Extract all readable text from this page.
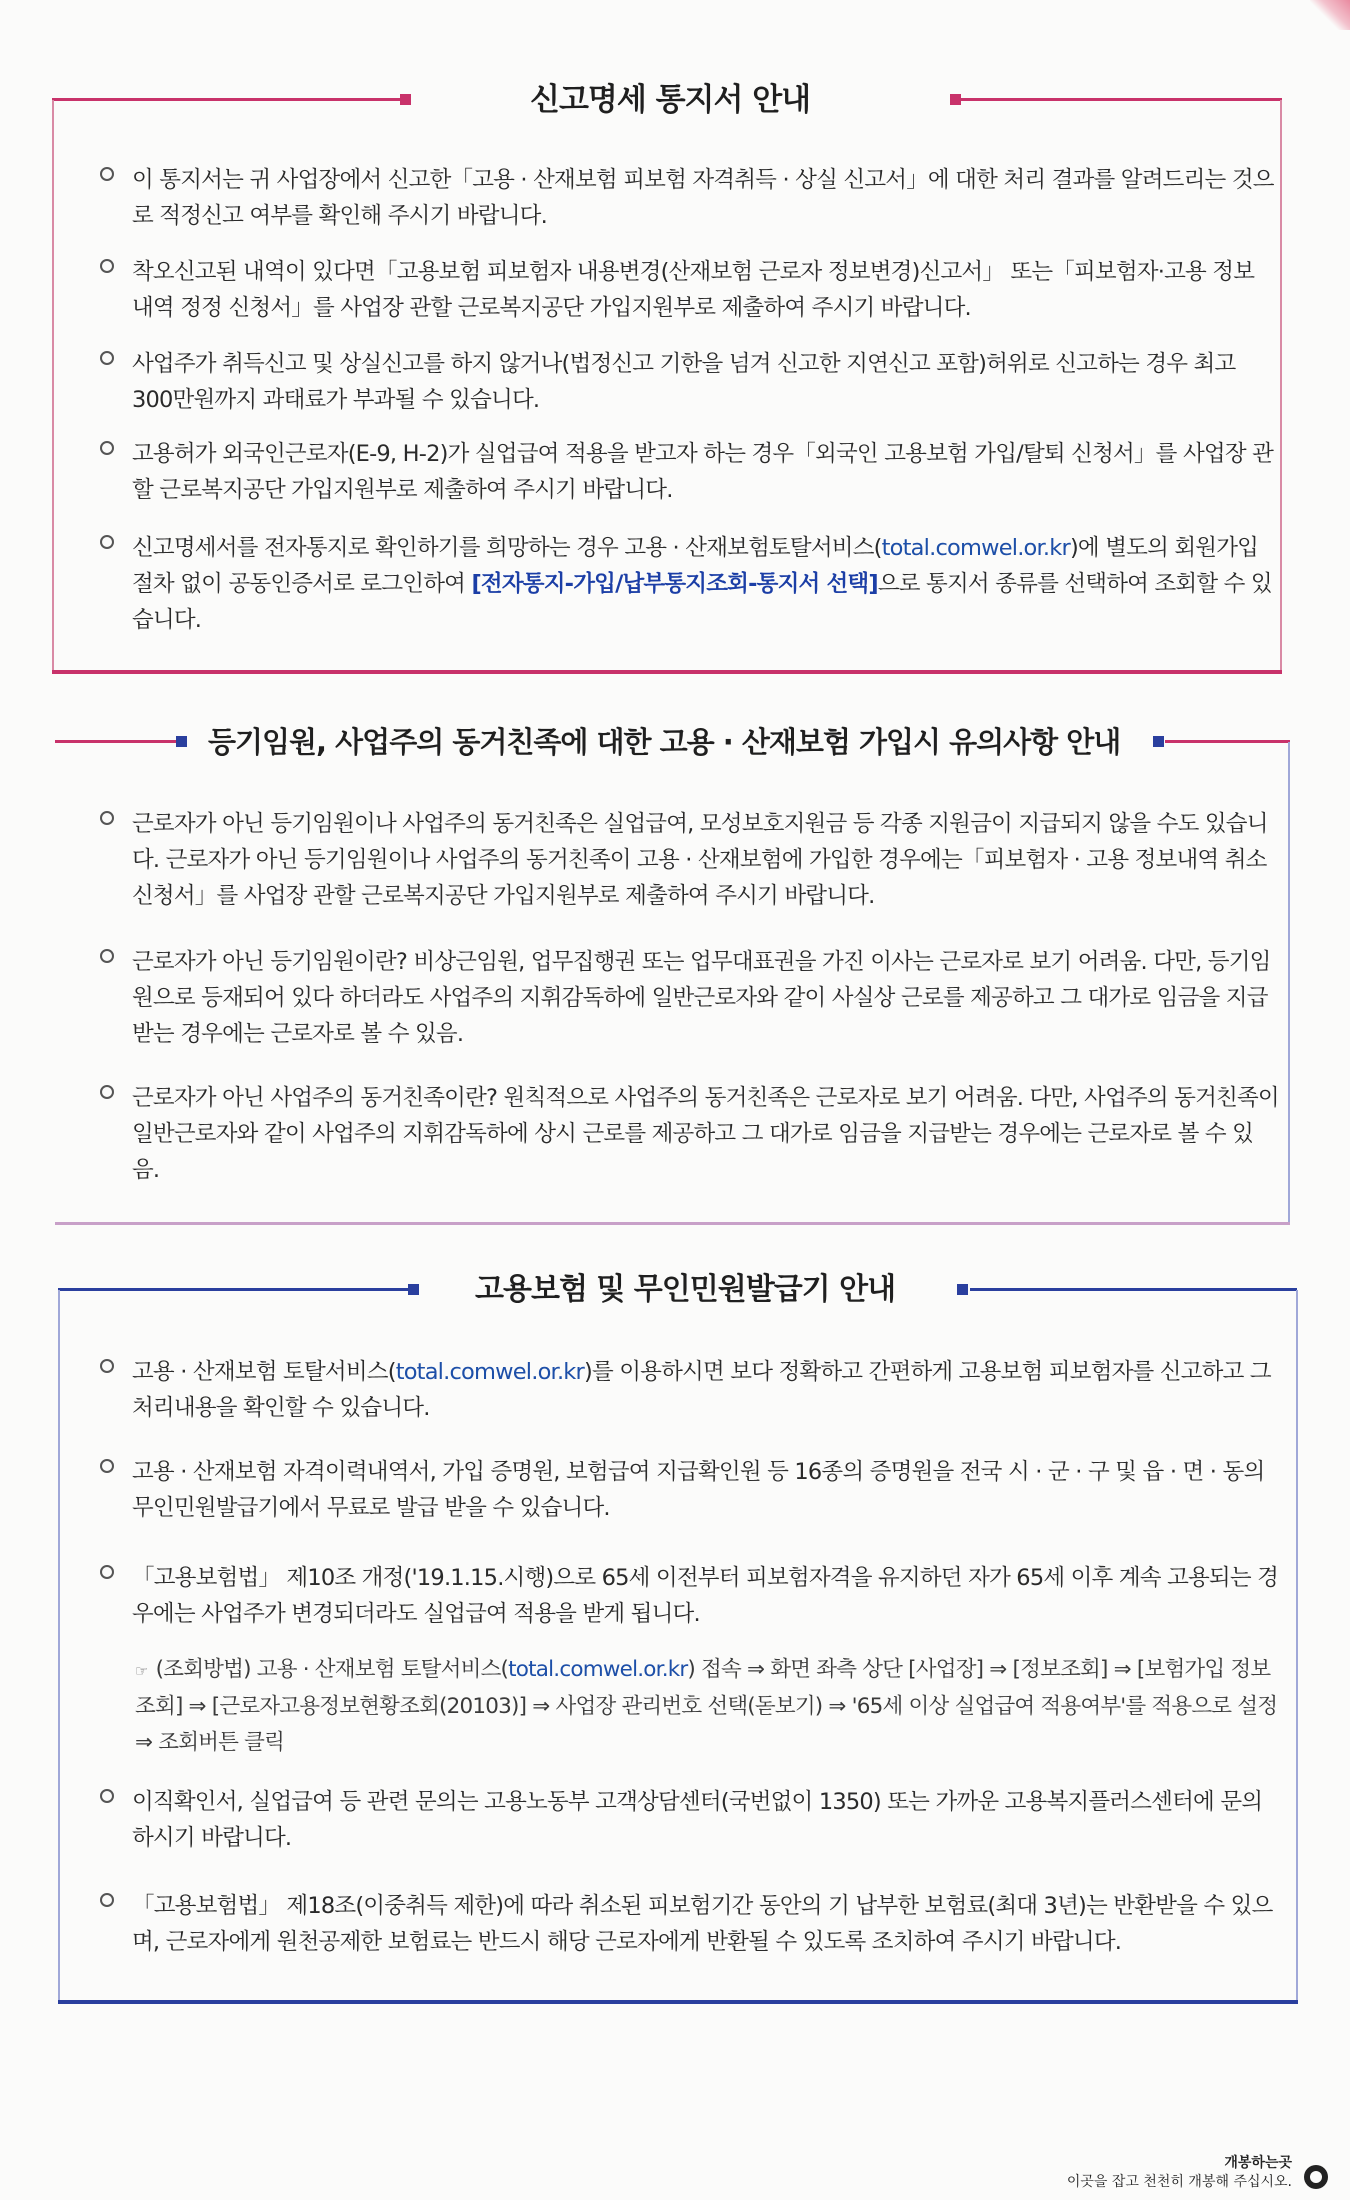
신고명세 통지서 안내
이 통지서는 귀 사업장에서 신고한「고용 · 산재보험 피보험 자격취득 · 상실 신고서」에 대한 처리 결과를 알려드리는 것으로 적정신고 여부를 확인해 주시기 바랍니다.
착오신고된 내역이 있다면「고용보험 피보험자 내용변경(산재보험 근로자 정보변경)신고서」 또는「피보험자·고용 정보 내역 정정 신청서」를 사업장 관할 근로복지공단 가입지원부로 제출하여 주시기 바랍니다.
사업주가 취득신고 및 상실신고를 하지 않거나(법정신고 기한을 넘겨 신고한 지연신고 포함)허위로 신고하는 경우 최고 300만원까지 과태료가 부과될 수 있습니다.
고용허가 외국인근로자(E-9, H-2)가 실업급여 적용을 받고자 하는 경우「외국인 고용보험 가입/탈퇴 신청서」를 사업장 관할 근로복지공단 가입지원부로 제출하여 주시기 바랍니다.
신고명세서를 전자통지로 확인하기를 희망하는 경우 고용 · 산재보험토탈서비스(total.comwel.or.kr)에 별도의 회원가입 절차 없이 공동인증서로 로그인하여 [전자통지-가입/납부통지조회-통지서 선택]으로 통지서 종류를 선택하여 조회할 수 있습니다.
등기임원, 사업주의 동거친족에 대한 고용 · 산재보험 가입시 유의사항 안내
근로자가 아닌 등기임원이나 사업주의 동거친족은 실업급여, 모성보호지원금 등 각종 지원금이 지급되지 않을 수도 있습니다. 근로자가 아닌 등기임원이나 사업주의 동거친족이 고용 · 산재보험에 가입한 경우에는「피보험자 · 고용 정보내역 취소 신청서」를 사업장 관할 근로복지공단 가입지원부로 제출하여 주시기 바랍니다.
근로자가 아닌 등기임원이란? 비상근임원, 업무집행권 또는 업무대표권을 가진 이사는 근로자로 보기 어려움. 다만, 등기임원으로 등재되어 있다 하더라도 사업주의 지휘감독하에 일반근로자와 같이 사실상 근로를 제공하고 그 대가로 임금을 지급받는 경우에는 근로자로 볼 수 있음.
근로자가 아닌 사업주의 동거친족이란? 원칙적으로 사업주의 동거친족은 근로자로 보기 어려움. 다만, 사업주의 동거친족이 일반근로자와 같이 사업주의 지휘감독하에 상시 근로를 제공하고 그 대가로 임금을 지급받는 경우에는 근로자로 볼 수 있음.
고용보험 및 무인민원발급기 안내
고용 · 산재보험 토탈서비스(total.comwel.or.kr)를 이용하시면 보다 정확하고 간편하게 고용보험 피보험자를 신고하고 그 처리내용을 확인할 수 있습니다.
고용 · 산재보험 자격이력내역서, 가입 증명원, 보험급여 지급확인원 등 16종의 증명원을 전국 시 · 군 · 구 및 읍 · 면 · 동의 무인민원발급기에서 무료로 발급 받을 수 있습니다.
「고용보험법」 제10조 개정('19.1.15.시행)으로 65세 이전부터 피보험자격을 유지하던 자가 65세 이후 계속 고용되는 경우에는 사업주가 변경되더라도 실업급여 적용을 받게 됩니다.
☞ (조회방법) 고용 · 산재보험 토탈서비스(total.comwel.or.kr) 접속 ⇒ 화면 좌측 상단 [사업장] ⇒ [정보조회] ⇒ [보험가입 정보조회] ⇒ [근로자고용정보현황조회(20103)] ⇒ 사업장 관리번호 선택(돋보기) ⇒ '65세 이상 실업급여 적용여부'를 적용으로 설정 ⇒ 조회버튼 클릭
이직확인서, 실업급여 등 관련 문의는 고용노동부 고객상담센터(국번없이 1350) 또는 가까운 고용복지플러스센터에 문의하시기 바랍니다.
「고용보험법」 제18조(이중취득 제한)에 따라 취소된 피보험기간 동안의 기 납부한 보험료(최대 3년)는 반환받을 수 있으며, 근로자에게 원천공제한 보험료는 반드시 해당 근로자에게 반환될 수 있도록 조치하여 주시기 바랍니다.
개봉하는곳
이곳을 잡고 천천히 개봉해 주십시오.
